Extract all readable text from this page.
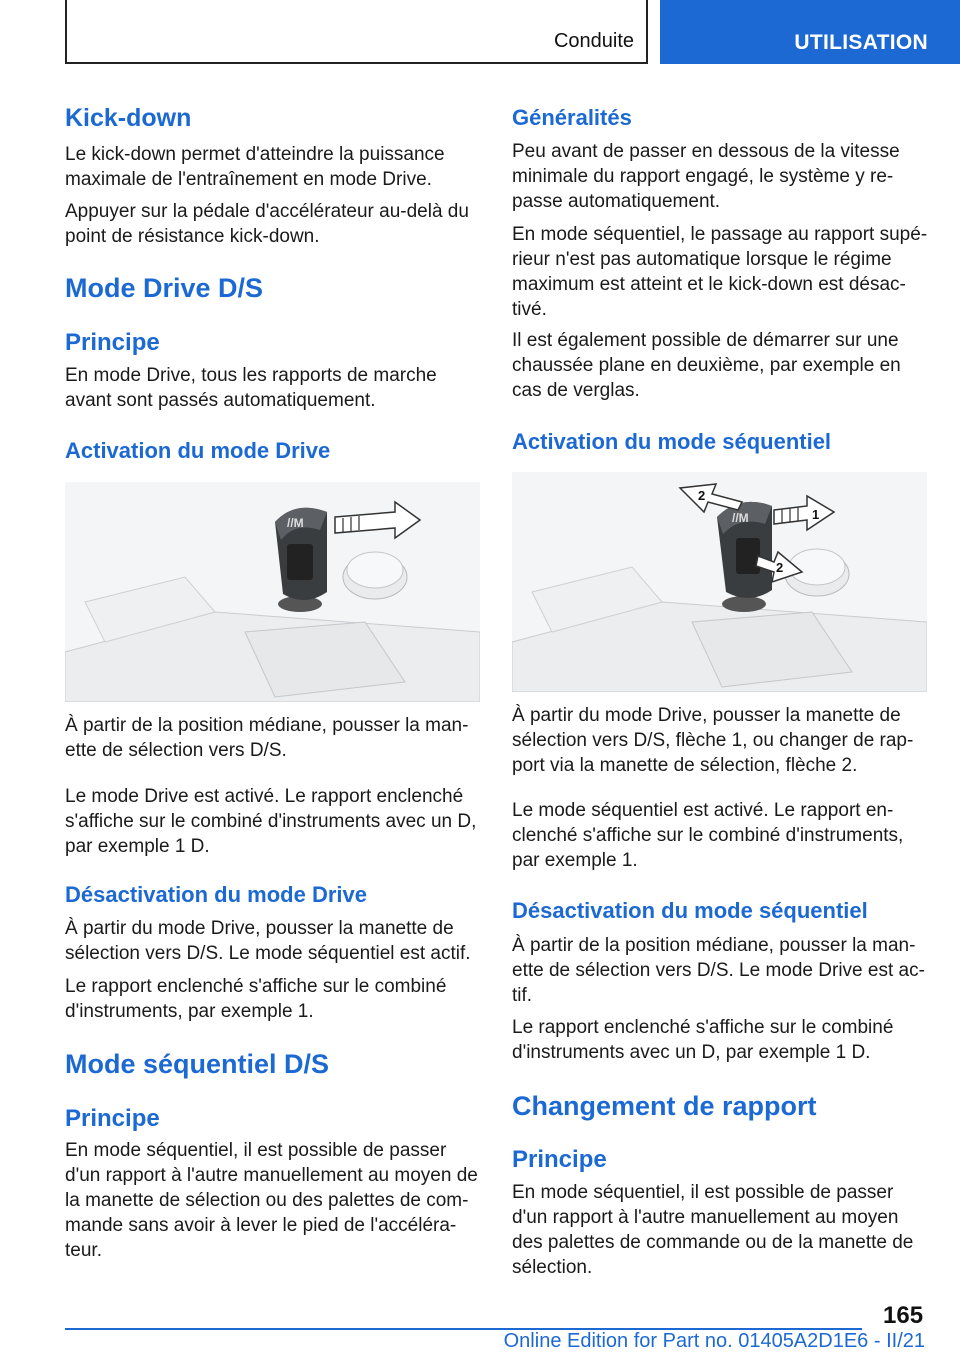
Conduite	UTILISATION
Kick-down
Le kick-down permet d'atteindre la puissance
maximale de l'entraînement en mode Drive.
Appuyer sur la pédale d'accélérateur au-delà du
point de résistance kick-down.
Mode Drive D/S
Principe
En mode Drive, tous les rapports de marche
avant sont passés automatiquement.
Activation du mode Drive
//M
À partir de la position médiane, pousser la man-
ette de sélection vers D/S.
Le mode Drive est activé. Le rapport enclenché
s'affiche sur le combiné d'instruments avec un D,
par exemple 1 D.
Désactivation du mode Drive
À partir du mode Drive, pousser la manette de
sélection vers D/S. Le mode séquentiel est actif.
Le rapport enclenché s'affiche sur le combiné
d'instruments, par exemple 1.
Mode séquentiel D/S
Principe
En mode séquentiel, il est possible de passer
d'un rapport à l'autre manuellement au moyen de
la manette de sélection ou des palettes de com-
mande sans avoir à lever le pied de l'accéléra-
teur.
Généralités
Peu avant de passer en dessous de la vitesse
minimale du rapport engagé, le système y re-
passe automatiquement.
En mode séquentiel, le passage au rapport supé-
rieur n'est pas automatique lorsque le régime
maximum est atteint et le kick-down est désac-
tivé.
Il est également possible de démarrer sur une
chaussée plane en deuxième, par exemple en
cas de verglas.
Activation du mode séquentiel
//M	1
2
2
À partir du mode Drive, pousser la manette de
sélection vers D/S, flèche 1, ou changer de rap-
port via la manette de sélection, flèche 2.
Le mode séquentiel est activé. Le rapport en-
clenché s'affiche sur le combiné d'instruments,
par exemple 1.
Désactivation du mode séquentiel
À partir de la position médiane, pousser la man-
ette de sélection vers D/S. Le mode Drive est ac-
tif.
Le rapport enclenché s'affiche sur le combiné
d'instruments avec un D, par exemple 1 D.
Changement de rapport
Principe
En mode séquentiel, il est possible de passer
d'un rapport à l'autre manuellement au moyen
des palettes de commande ou de la manette de
sélection.
165
Online Edition for Part no. 01405A2D1E6 - II/21
